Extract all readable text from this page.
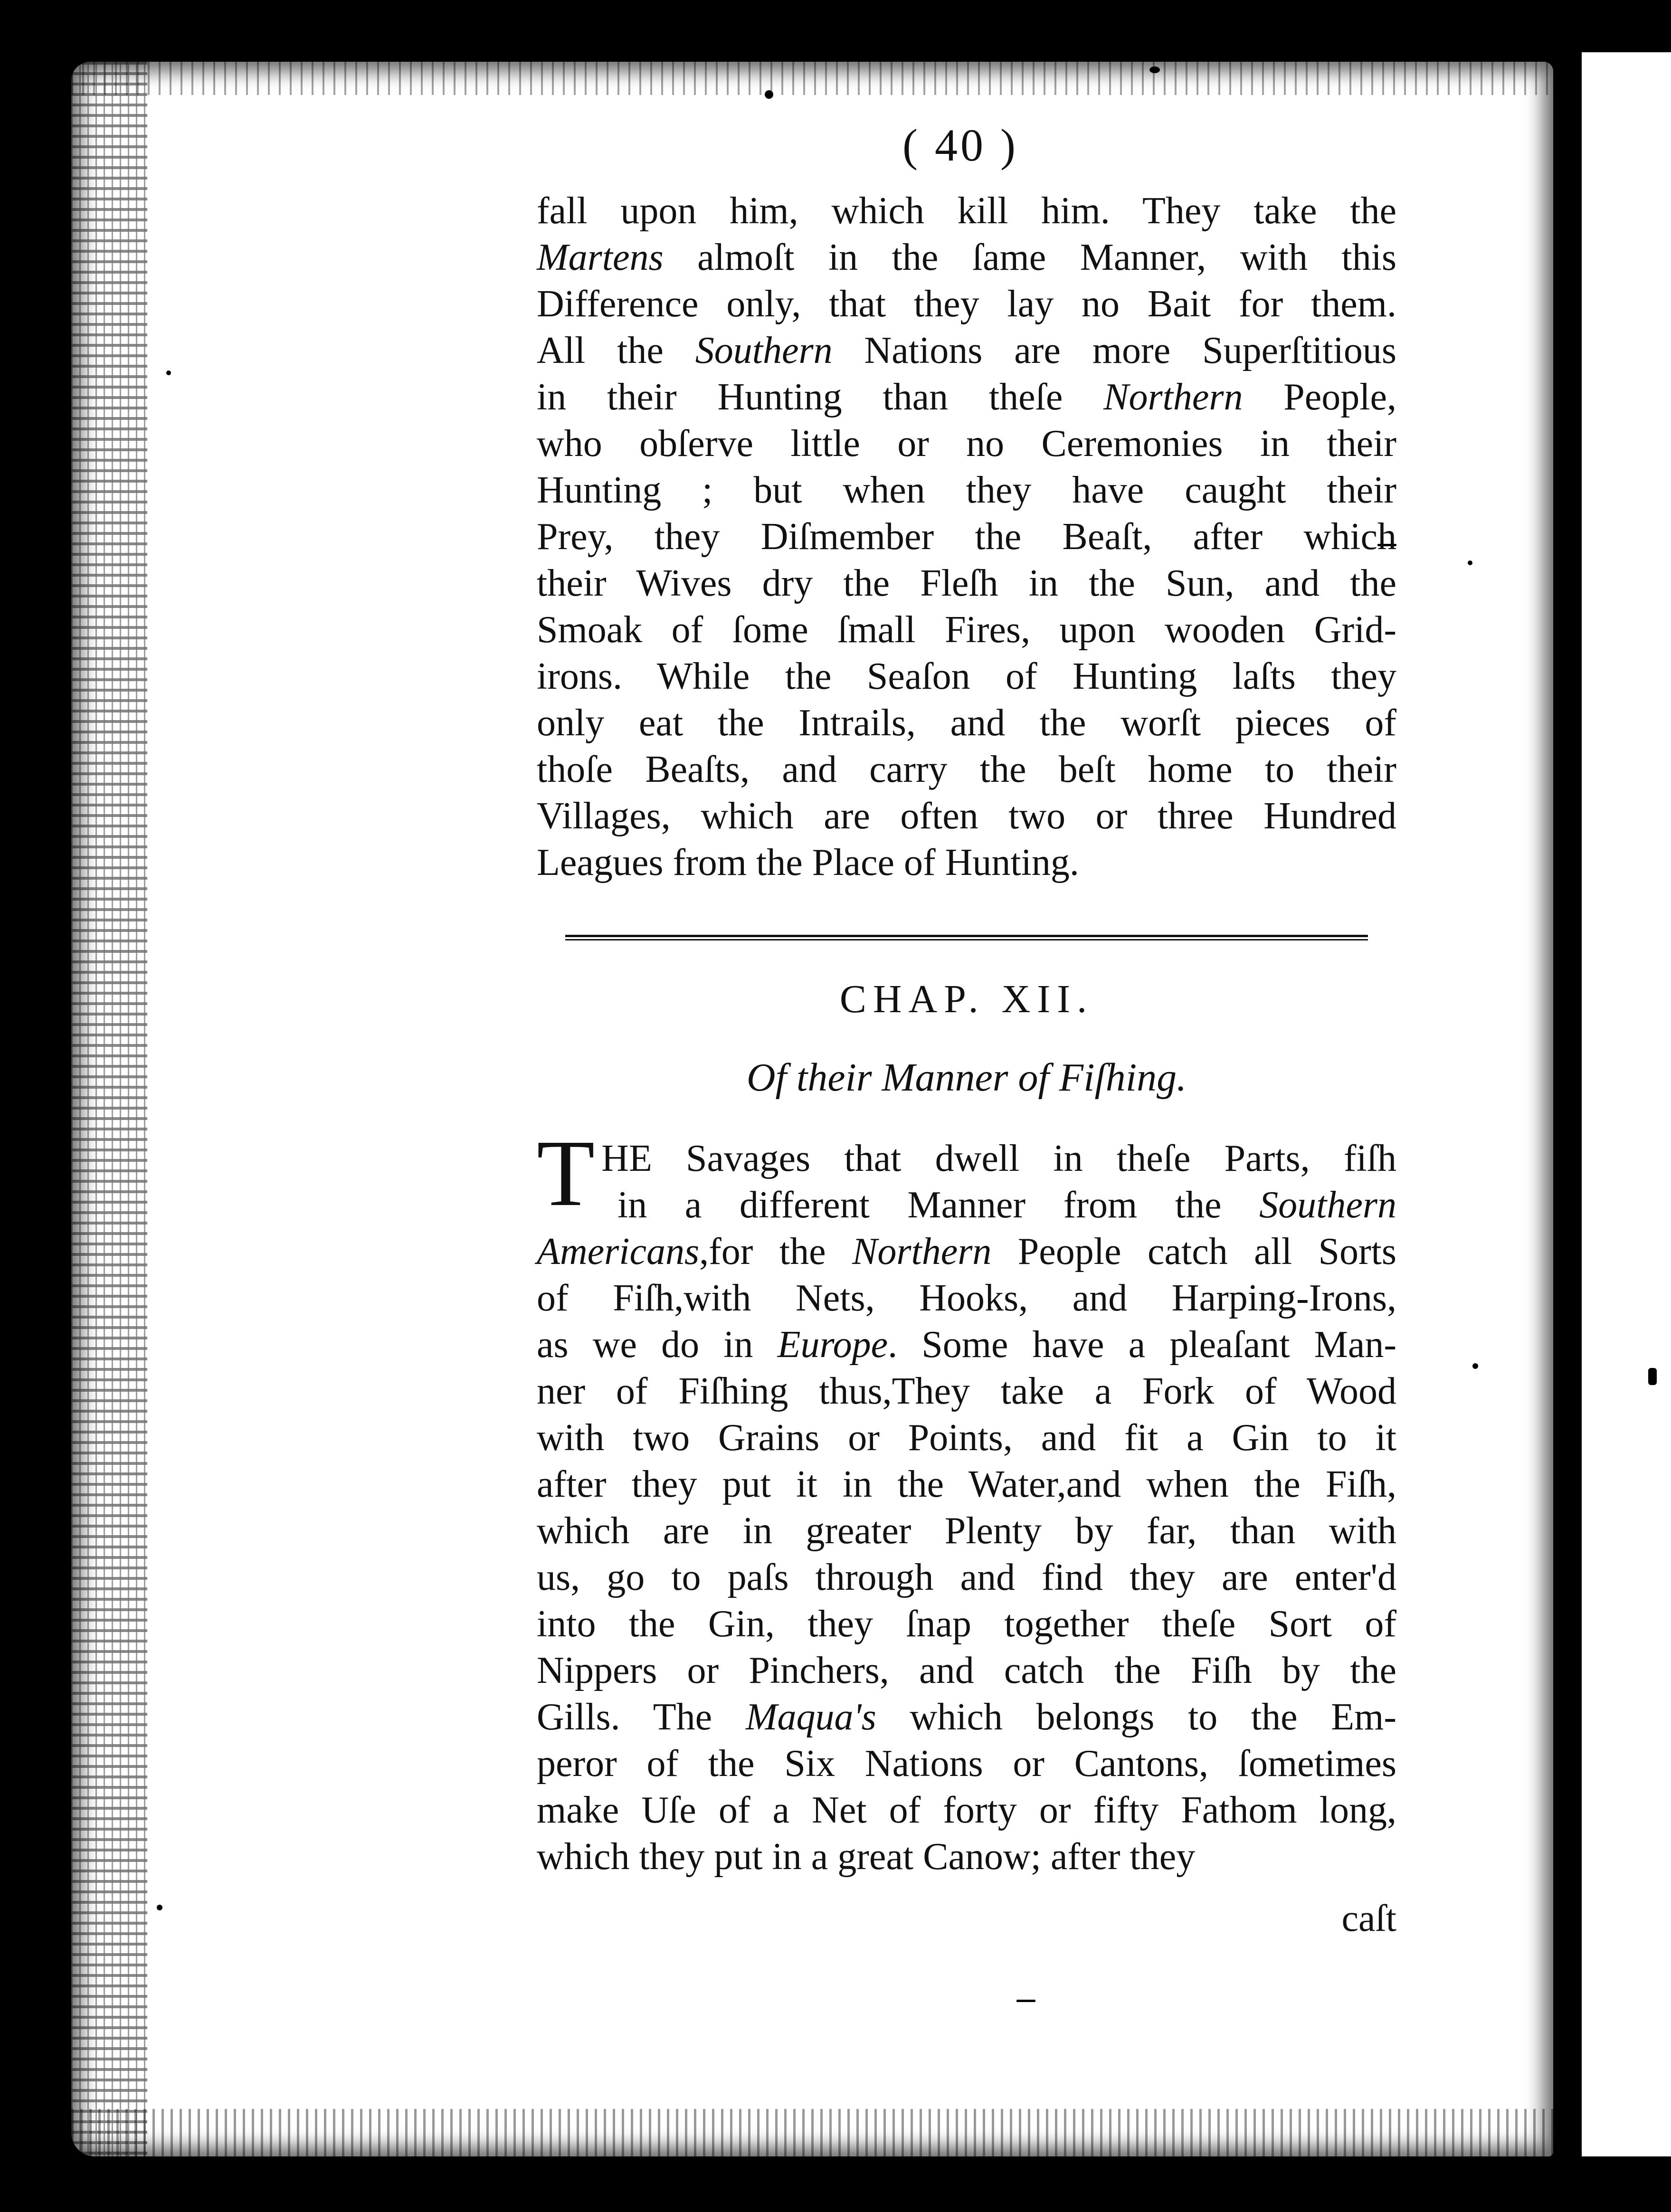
( 40 )
fall upon him, which kill him. They take the
Martens almoſt in the ſame Manner, with this
Difference only, that they lay no Bait for them.
All the Southern Nations are more Superſtitious
in their Hunting than theſe Northern People,
who obſerve little or no Ceremonies in their
Hunting ; but when they have caught their
Prey, they Diſmember the Beaſt, after which
their Wives dry the Fleſh in the Sun, and the
Smoak of ſome ſmall Fires, upon wooden Grid-
irons. While the Seaſon of Hunting laſts they
only eat the Intrails, and the worſt pieces of
thoſe Beaſts, and carry the beſt home to their
Villages, which are often two or three Hundred
Leagues from the Place of Hunting.
CHAP. XII.
Of their Manner of Fiſhing.
T HE Savages that dwell in theſe Parts, fiſh
in a different Manner from the Southern
Americans,for the Northern People catch all Sorts
of Fiſh,with Nets, Hooks, and Harping-Irons,
as we do in Europe. Some have a pleaſant Man-
ner of Fiſhing thus,They take a Fork of Wood
with two Grains or Points, and fit a Gin to it
after they put it in the Water,and when the Fiſh,
which are in greater Plenty by far, than with
us, go to paſs through and find they are enter'd
into the Gin, they ſnap together theſe Sort of
Nippers or Pinchers, and catch the Fiſh by the
Gills. The Maqua's which belongs to the Em-
peror of the Six Nations or Cantons, ſometimes
make Uſe of a Net of forty or fifty Fathom long,
which they put in a great Canow; after they
caſt
